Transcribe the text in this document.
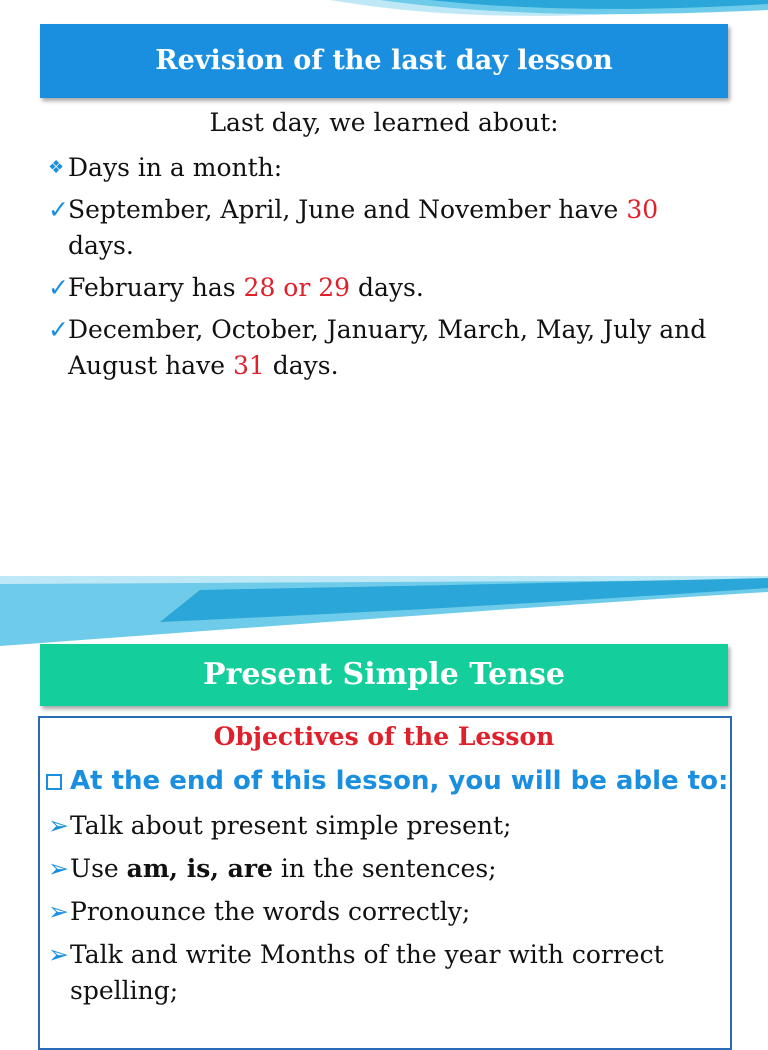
Revision of the last day lesson
Last day, we learned about:
❖ Days in a month:
✓ September, April, June and November have 30 days.
✓ February has 28 or 29 days.
✓ December, October, January, March, May, July and August have 31 days.
Present Simple Tense
Objectives of the Lesson
At the end of this lesson, you will be able to:
➢ Talk about present simple present;
➢ Use am, is, are in the sentences;
➢ Pronounce the words correctly;
➢ Talk and write Months of the year with correct spelling;
